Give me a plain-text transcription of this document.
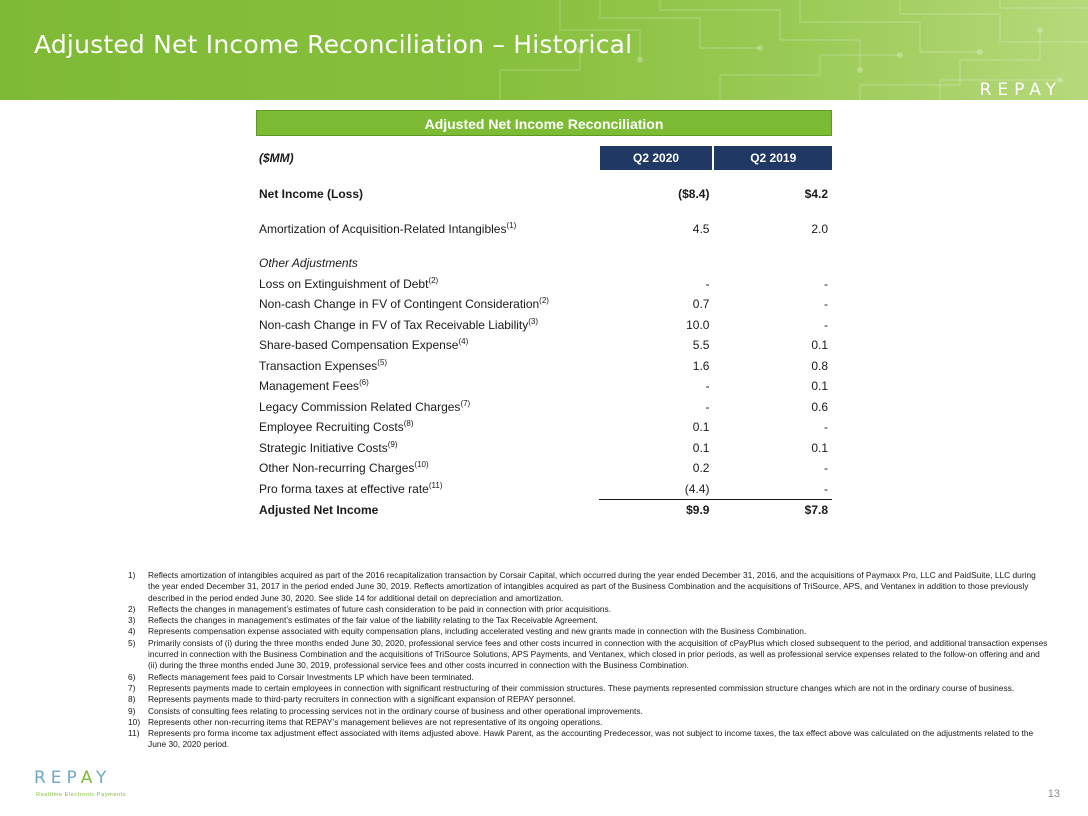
Adjusted Net Income Reconciliation – Historical
REPAY
Adjusted Net Income Reconciliation
($MM)	Q2 2020	Q2 2019

Net Income (Loss)	($8.4)	$4.2

Amortization of Acquisition-Related Intangibles$^{(1)}$	4.5	2.0

Other Adjustments		
Loss on Extinguishment of Debt$^{(2)}$	-	-
Non-cash Change in FV of Contingent Consideration$^{(2)}$	0.7	-
Non-cash Change in FV of Tax Receivable Liability$^{(3)}$	10.0	-
Share-based Compensation Expense$^{(4)}$	5.5	0.1
Transaction Expenses$^{(5)}$	1.6	0.8
Management Fees$^{(6)}$	-	0.1
Legacy Commission Related Charges$^{(7)}$	-	0.6
Employee Recruiting Costs$^{(8)}$	0.1	-
Strategic Initiative Costs$^{(9)}$	0.1	0.1
Other Non-recurring Charges$^{(10)}$	0.2	-
Pro forma taxes at effective rate$^{(11)}$	(4.4)	-
Adjusted Net Income	$9.9	$7.8
1)	Reflects amortization of intangibles acquired as part of the 2016 recapitalization transaction by Corsair Capital, which occurred during the year ended December 31, 2016, and the acquisitions of Paymaxx Pro, LLC and PaidSuite, LLC during the year ended December 31, 2017 in the period ended June 30, 2019. Reflects amortization of intangibles acquired as part of the Business Combination and the acquisitions of TriSource, APS, and Ventanex in addition to those previously described in the period ended June 30, 2020. See slide 14 for additional detail on depreciation and amortization.
2)	Reflects the changes in management’s estimates of future cash consideration to be paid in connection with prior acquisitions.
3)	Reflects the changes in management’s estimates of the fair value of the liability relating to the Tax Receivable Agreement.
4)	Represents compensation expense associated with equity compensation plans, including accelerated vesting and new grants made in connection with the Business Combination.
5)	Primarily consists of (i) during the three months ended June 30, 2020, professional service fees and other costs incurred in connection with the acquisition of cPayPlus which closed subsequent to the period, and additional transaction expenses incurred in connection with the Business Combination and the acquisitions of TriSource Solutions, APS Payments, and Ventanex, which closed in prior periods, as well as professional service expenses related to the follow-on offering and and (ii) during the three months ended June 30, 2019, professional service fees and other costs incurred in connection with the Business Combination.
6)	Reflects management fees paid to Corsair Investments LP which have been terminated.
7)	Represents payments made to certain employees in connection with significant restructuring of their commission structures. These payments represented commission structure changes which are not in the ordinary course of business.
8)	Represents payments made to third-party recruiters in connection with a significant expansion of REPAY personnel.
9)	Consists of consulting fees relating to processing services not in the ordinary course of business and other operational improvements.
10) Represents other non-recurring items that REPAY’s management believes are not representative of its ongoing operations.
11)	Represents pro forma income tax adjustment effect associated with items adjusted above. Hawk Parent, as the accounting Predecessor, was not subject to income taxes, the tax effect above was calculated on the adjustments related to the June 30, 2020 period.
REPAY
Realtime Electronic Payments	13
